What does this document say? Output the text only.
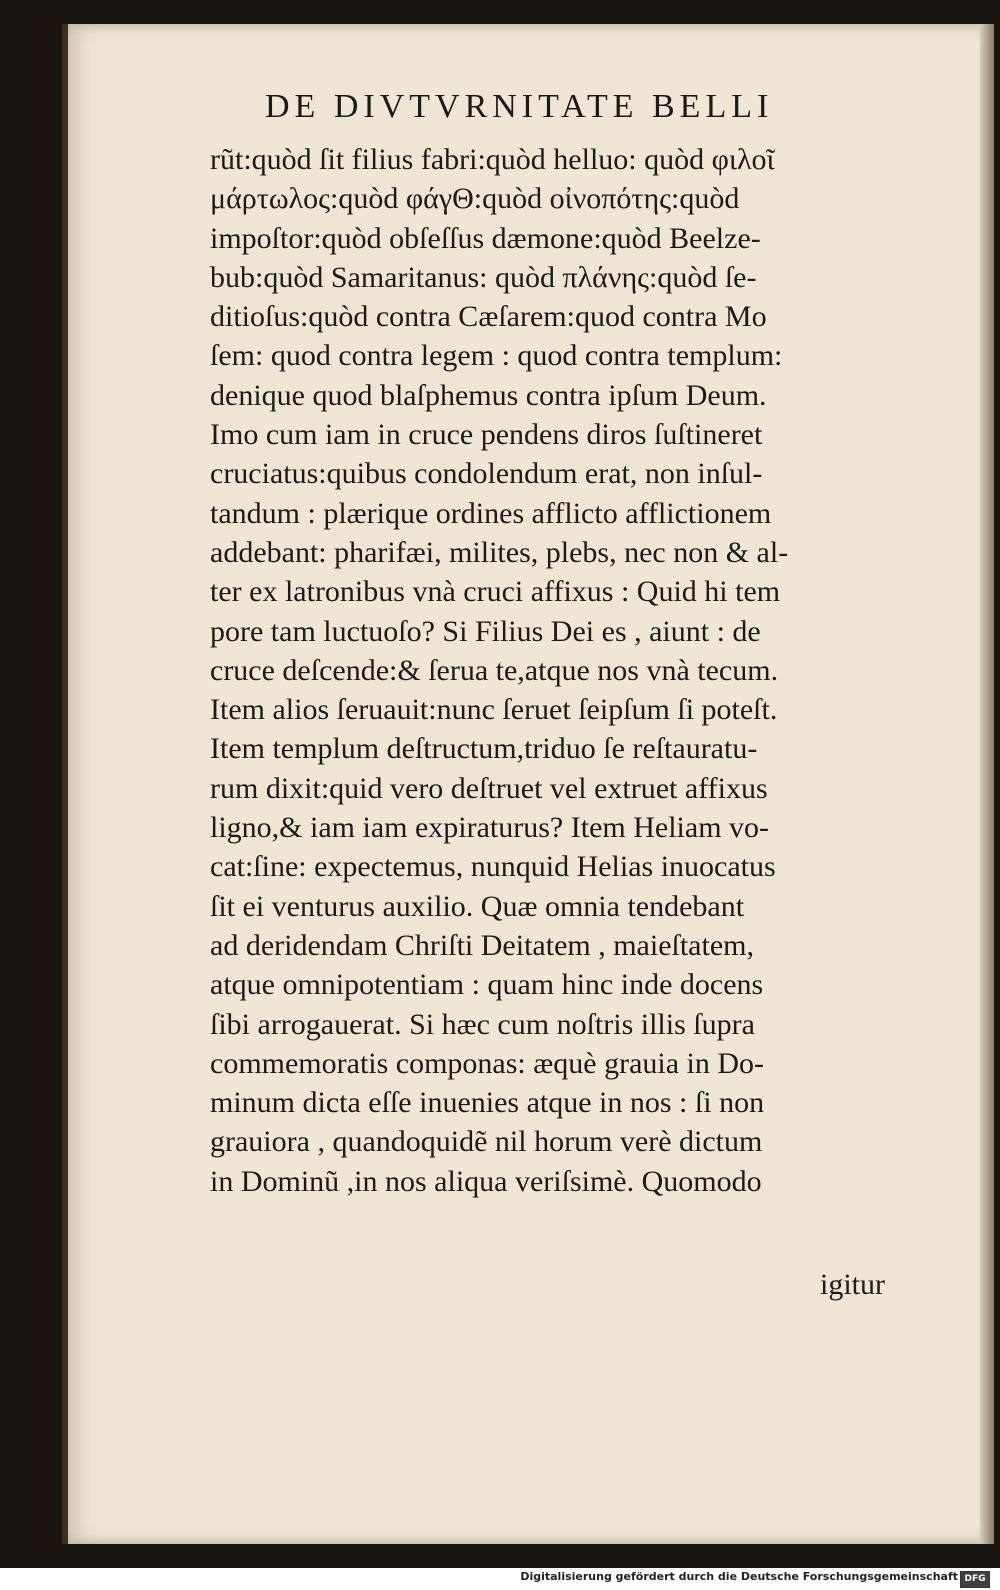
DE DIVTVRNITATE BELLI
rũt:quòd ſit filius fabri:quòd helluo: quòd φιλοῖ
μάρτωλος:quòd φάγΘ:quòd οἰνοπότης:quòd
impoſtor:quòd obſeſſus dæmone:quòd Beelze-
bub:quòd Samaritanus: quòd πλάνης:quòd ſe-
ditioſus:quòd contra Cæſarem:quod contra Mo
ſem: quod contra legem : quod contra templum:
denique quod blaſphemus contra ipſum Deum.
Imo cum iam in cruce pendens diros ſuſtineret
cruciatus:quibus condolendum erat, non inſul-
tandum : plærique ordines afflicto afflictionem
addebant: pharifæi, milites, plebs, nec non & al-
ter ex latronibus vnà cruci affixus : Quid hi tem
pore tam luctuoſo? Si Filius Dei es , aiunt : de
cruce deſcende:& ſerua te,atque nos vnà tecum.
Item alios ſeruauit:nunc ſeruet ſeipſum ſi poteſt.
Item templum deſtructum,triduo ſe reſtauratu-
rum dixit:quid vero deſtruet vel extruet affixus
ligno,& iam iam expiraturus? Item Heliam vo-
cat:ſine: expectemus, nunquid Helias inuocatus
ſit ei venturus auxilio. Quæ omnia tendebant
ad deridendam Chriſti Deitatem , maieſtatem,
atque omnipotentiam : quam hinc inde docens
ſibi arrogauerat. Si hæc cum noſtris illis ſupra
commemoratis componas: æquè grauia in Do-
minum dicta eſſe inuenies atque in nos : ſi non
grauiora , quandoquidẽ nil horum verè dictum
in Dominũ ,in nos aliqua veriſsimè. Quomodo
igitur
Digitalisierung gefördert durch die Deutsche Forschungsgemeinschaft DFG
